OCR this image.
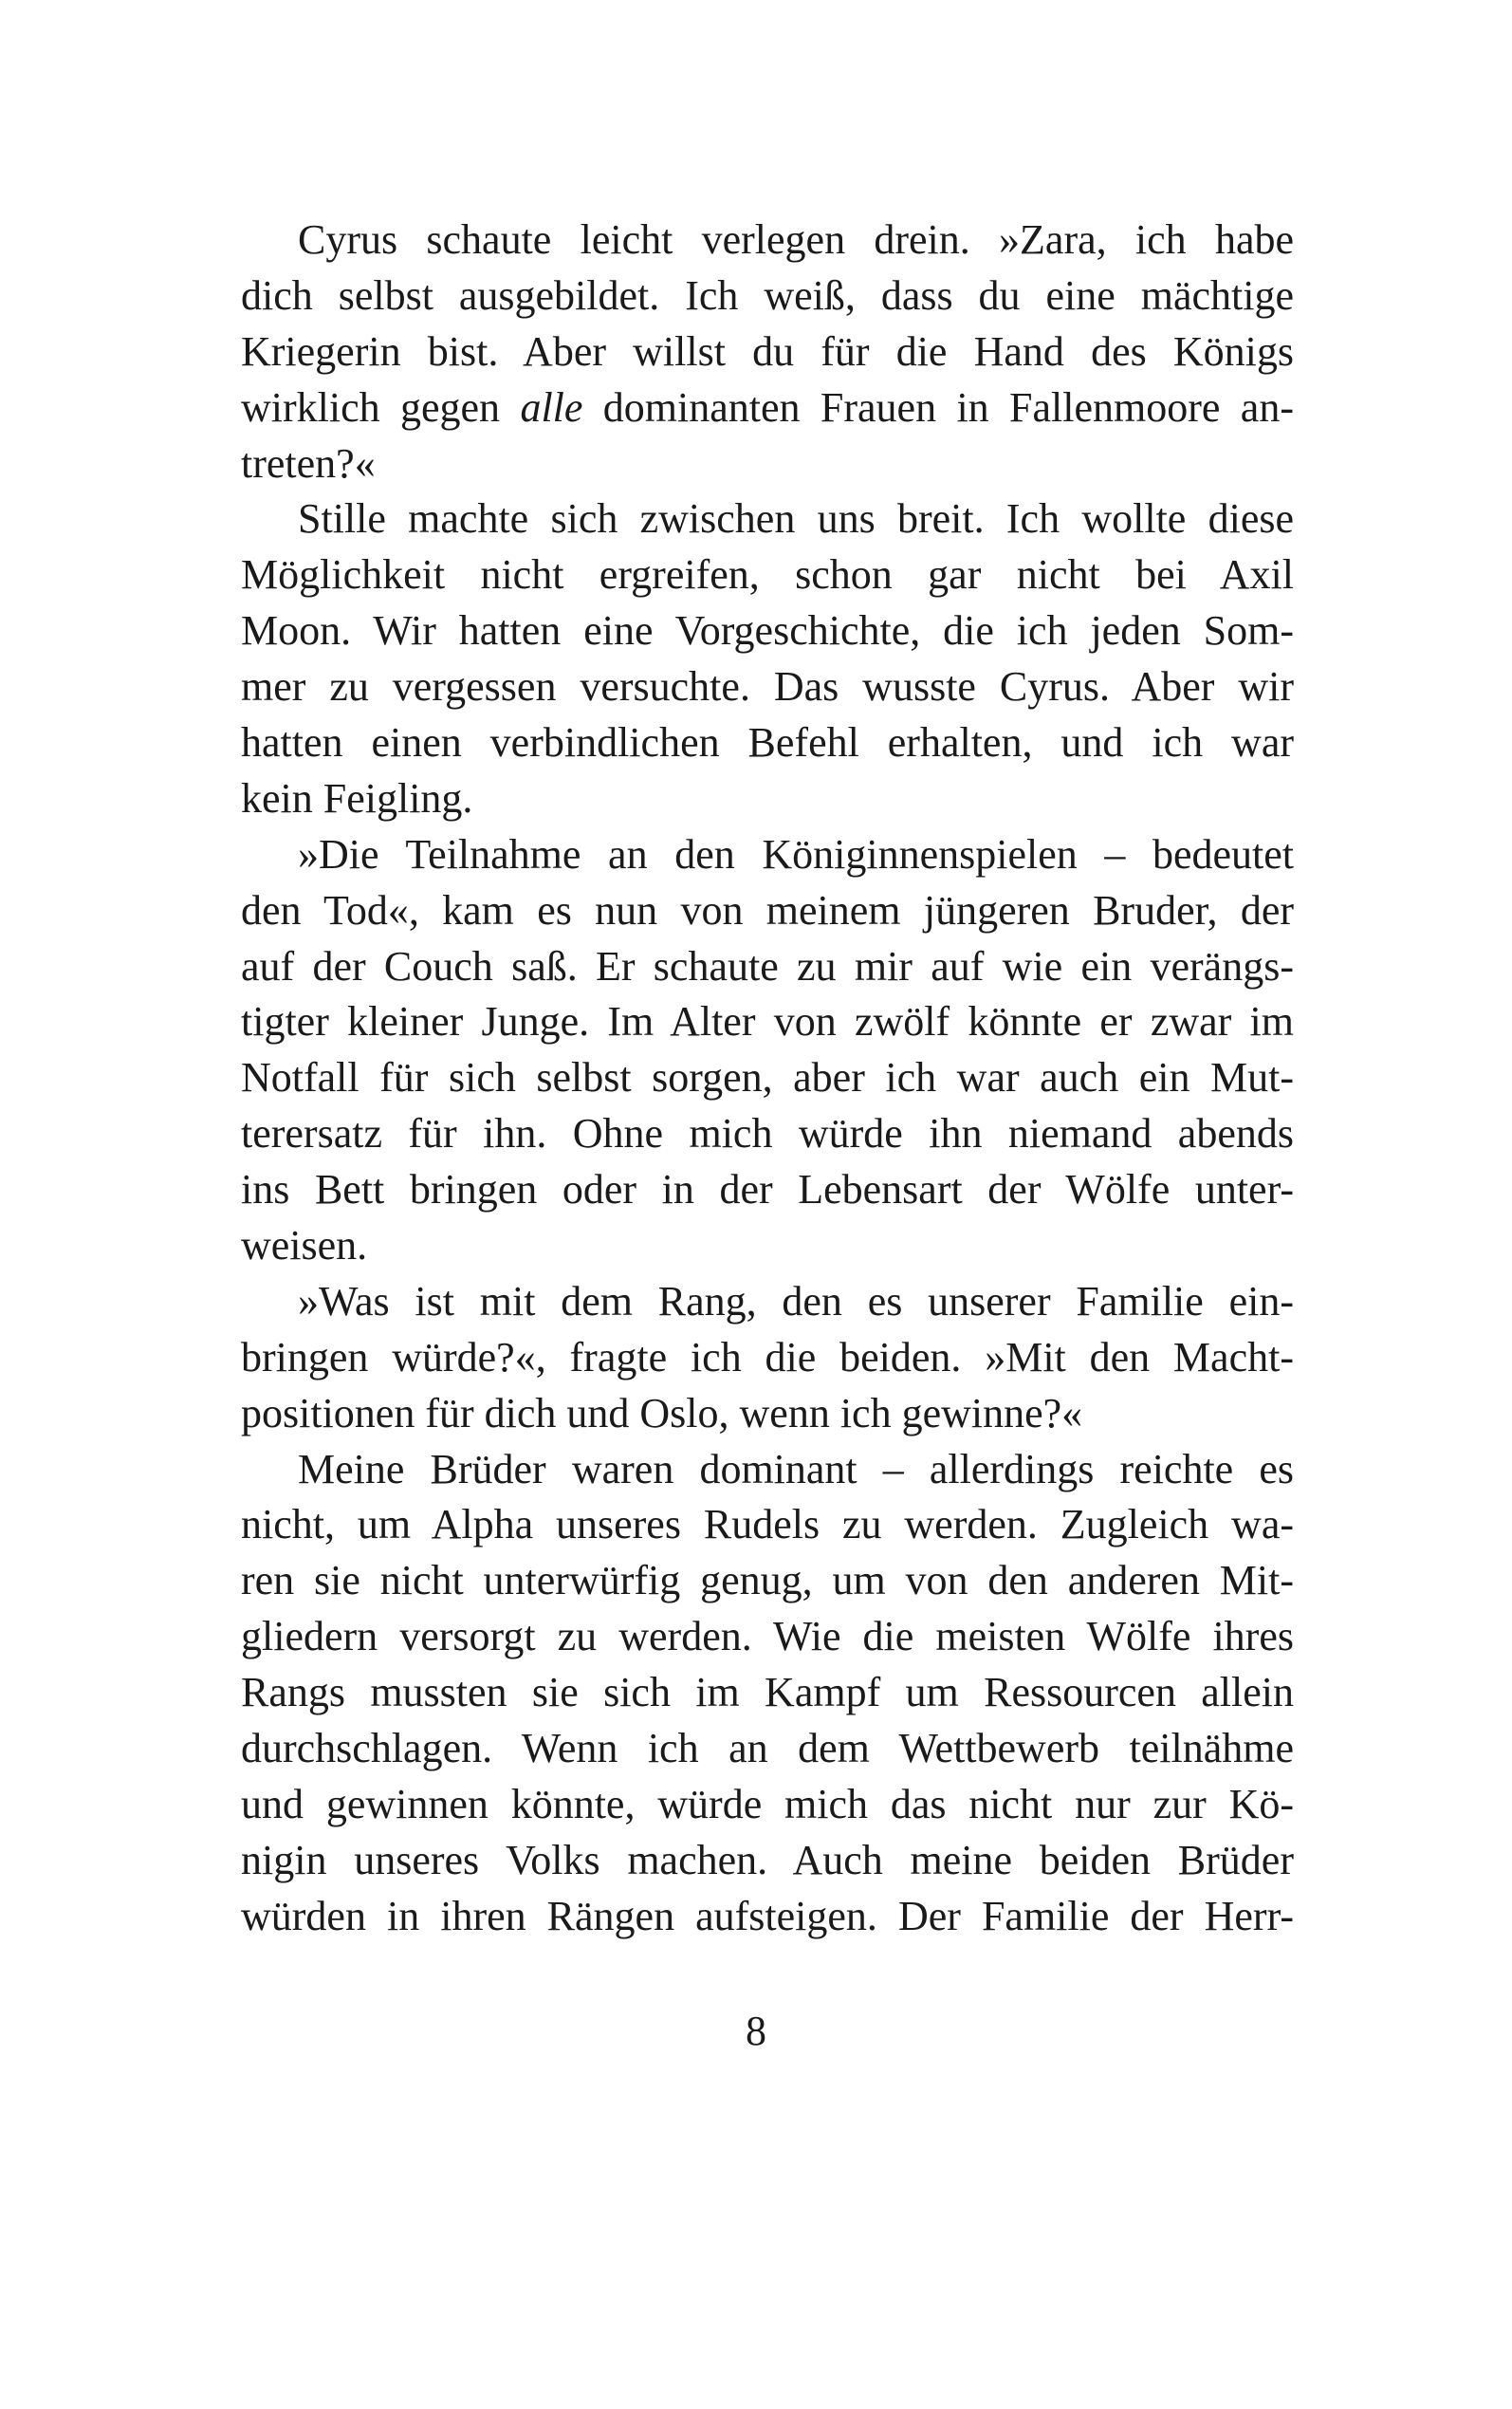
Cyrus schaute leicht verlegen drein. »Zara, ich habe
dich selbst ausgebildet. Ich weiß, dass du eine mächtige
Kriegerin bist. Aber willst du für die Hand des Königs
wirklich gegen alle dominanten Frauen in Fallenmoore an-
treten?«
Stille machte sich zwischen uns breit. Ich wollte diese
Möglichkeit nicht ergreifen, schon gar nicht bei Axil
Moon. Wir hatten eine Vorgeschichte, die ich jeden Som-
mer zu vergessen versuchte. Das wusste Cyrus. Aber wir
hatten einen verbindlichen Befehl erhalten, und ich war
kein Feigling.
»Die Teilnahme an den Königinnenspielen – bedeutet
den Tod«, kam es nun von meinem jüngeren Bruder, der
auf der Couch saß. Er schaute zu mir auf wie ein verängs-
tigter kleiner Junge. Im Alter von zwölf könnte er zwar im
Notfall für sich selbst sorgen, aber ich war auch ein Mut-
terersatz für ihn. Ohne mich würde ihn niemand abends
ins Bett bringen oder in der Lebensart der Wölfe unter-
weisen.
»Was ist mit dem Rang, den es unserer Familie ein-
bringen würde?«, fragte ich die beiden. »Mit den Macht-
positionen für dich und Oslo, wenn ich gewinne?«
Meine Brüder waren dominant – allerdings reichte es
nicht, um Alpha unseres Rudels zu werden. Zugleich wa-
ren sie nicht unterwürfig genug, um von den anderen Mit-
gliedern versorgt zu werden. Wie die meisten Wölfe ihres
Rangs mussten sie sich im Kampf um Ressourcen allein
durchschlagen. Wenn ich an dem Wettbewerb teilnähme
und gewinnen könnte, würde mich das nicht nur zur Kö-
nigin unseres Volks machen. Auch meine beiden Brüder
würden in ihren Rängen aufsteigen. Der Familie der Herr-
8
